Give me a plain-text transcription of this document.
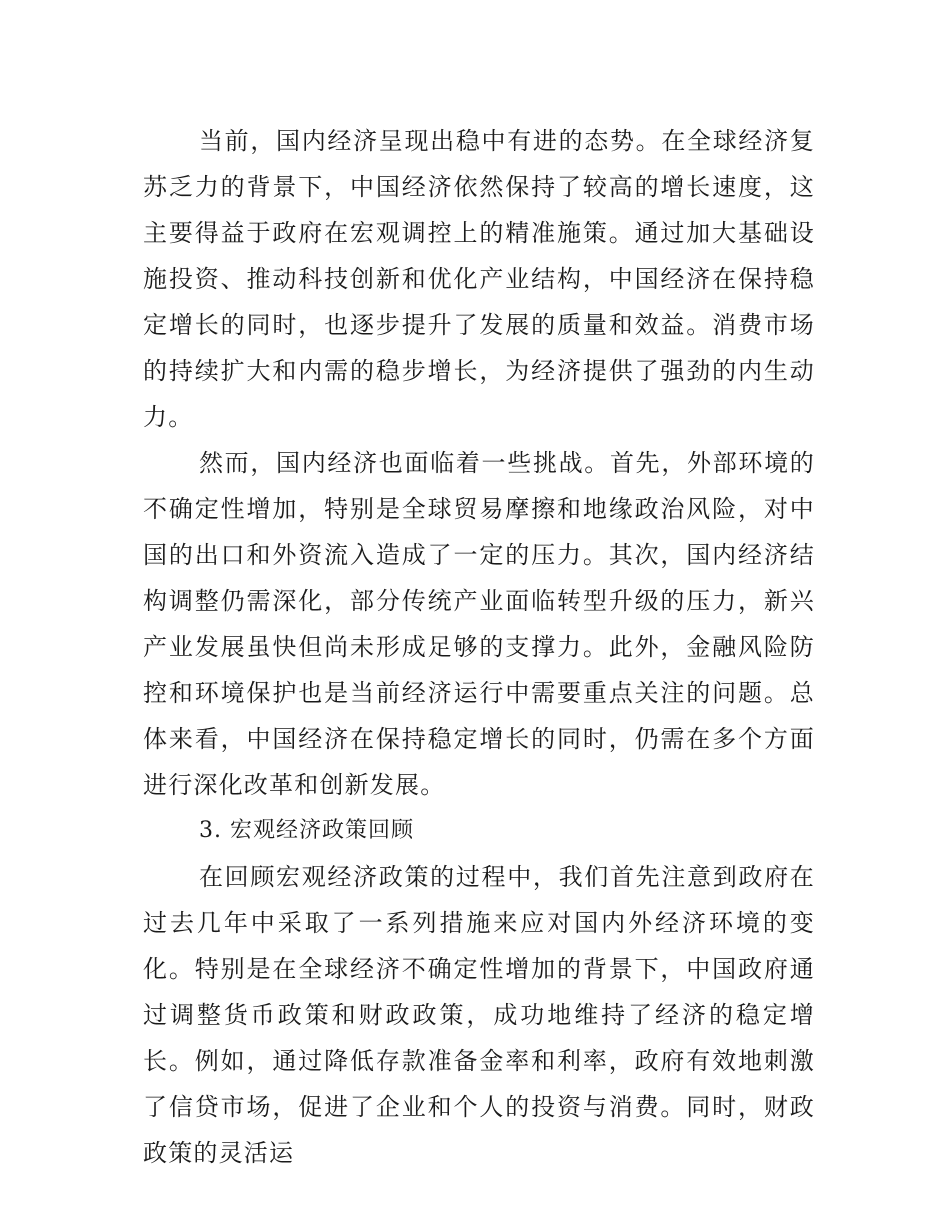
当前，国内经济呈现出稳中有进的态势。在全球经济复苏乏力的背景下，中国经济依然保持了较高的增长速度，这主要得益于政府在宏观调控上的精准施策。通过加大基础设施投资、推动科技创新和优化产业结构，中国经济在保持稳定增长的同时，也逐步提升了发展的质量和效益。消费市场的持续扩大和内需的稳步增长，为经济提供了强劲的内生动力。

然而，国内经济也面临着一些挑战。首先，外部环境的不确定性增加，特别是全球贸易摩擦和地缘政治风险，对中国的出口和外资流入造成了一定的压力。其次，国内经济结构调整仍需深化，部分传统产业面临转型升级的压力，新兴产业发展虽快但尚未形成足够的支撑力。此外，金融风险防控和环境保护也是当前经济运行中需要重点关注的问题。总体来看，中国经济在保持稳定增长的同时，仍需在多个方面进行深化改革和创新发展。

3. 宏观经济政策回顾

在回顾宏观经济政策的过程中，我们首先注意到政府在过去几年中采取了一系列措施来应对国内外经济环境的变化。特别是在全球经济不确定性增加的背景下，中国政府通过调整货币政策和财政政策，成功地维持了经济的稳定增长。例如，通过降低存款准备金率和利率，政府有效地刺激了信贷市场，促进了企业和个人的投资与消费。同时，财政政策的灵活运
